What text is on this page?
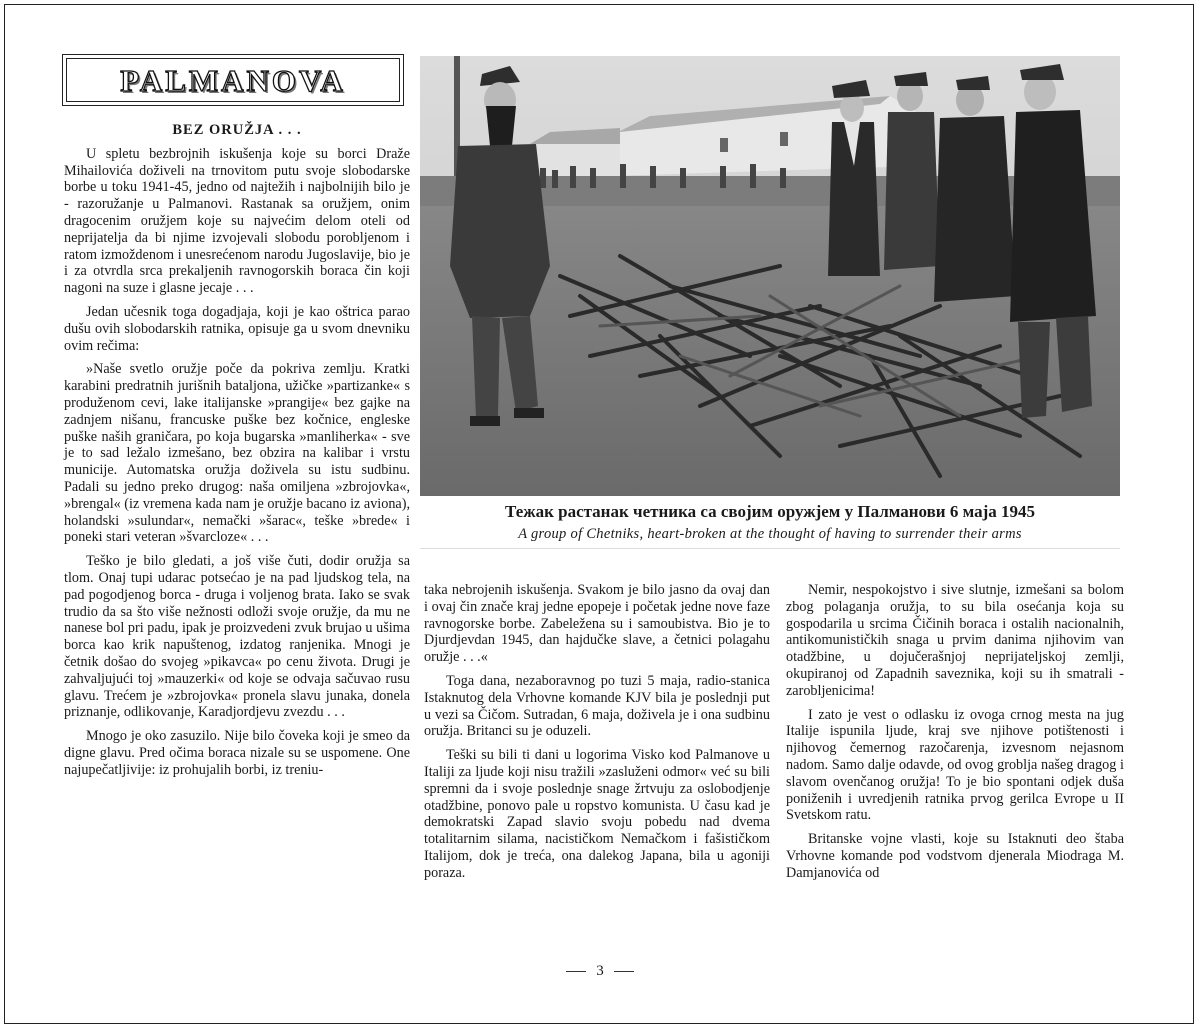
PALMANOVA

BEZ ORUŽJA . . .

U spletu bezbrojnih iskušenja koje su borci Draže Mihailovića doživeli na trnovitom putu svoje slobodarske borbe u toku 1941-45, jedno od najtežih i najbolnijih bilo je - razoružanje u Palmanovi. Rastanak sa oružjem, onim dragocenim oružjem koje su najvećim delom oteli od neprijatelja da bi njime izvojevali slobodu porobljenom i ratom izmoždenom i unesrećenom narodu Jugoslavije, bio je i za otvrdla srca prekaljenih ravnogorskih boraca čin koji nagoni na suze i glasne jecaje . . .

Jedan učesnik toga dogadjaja, koji je kao oštrica parao dušu ovih slobodarskih ratnika, opisuje ga u svom dnevniku ovim rečima:

»Naše svetlo oružje poče da pokriva zemlju. Kratki karabini predratnih jurišnih bataljona, užičke »partizanke« s produženom cevi, lake italijanske »prangije« bez gajke na zadnjem nišanu, francuske puške bez kočnice, engleske puške naših graničara, po koja bugarska »manliherka« - sve je to sad ležalo izmešano, bez obzira na kalibar i vrstu municije. Automatska oružja doživela su istu sudbinu. Padali su jedno preko drugog: naša omiljena »zbrojovka«, »brengal« (iz vremena kada nam je oružje bacano iz aviona), holandski »sulundar«, nemački »šarac«, teške »brede« i poneki stari veteran »švarcloze« . . .

Teško je bilo gledati, a još više čuti, dodir oružja sa tlom. Onaj tupi udarac potsećao je na pad ljudskog tela, na pad pogodjenog borca - druga i voljenog brata. Iako se svak trudio da sa što više nežnosti odloži svoje oružje, da mu ne nanese bol pri padu, ipak je proizvedeni zvuk brujao u ušima borca kao krik napuštenog, izdatog ranjenika. Mnogi je četnik došao do svojeg »pikavca« po cenu života. Drugi je zahvaljujući toj »mauzerki« od koje se odvaja sačuvao rusu glavu. Trećem je »zbrojovka« pronela slavu junaka, donela priznanje, odlikovanje, Karadjordjevu zvezdu . . .

Mnogo je oko zasuzilo. Nije bilo čoveka koji je smeo da digne glavu. Pred očima boraca nizale su se uspomene. One najupečatljivije: iz prohujalih borbi, iz treniu-

Тежак растанак четника са својим оружјем у Палманови 6 маја 1945
A group of Chetniks, heart-broken at the thought of having to surrender their arms

taka nebrojenih iskušenja. Svakom je bilo jasno da ovaj dan i ovaj čin znače kraj jedne epopeje i početak jedne nove faze ravnogorske borbe. Zabeležena su i samoubistva. Bio je to Djurdjevdan 1945, dan hajdučke slave, a četnici polagahu oružje . . .«

Toga dana, nezaboravnog po tuzi 5 maja, radio-stanica Istaknutog dela Vrhovne komande KJV bila je poslednji put u vezi sa Čičom. Sutradan, 6 maja, doživela je i ona sudbinu oružja. Britanci su je oduzeli.

Teški su bili ti dani u logorima Visko kod Palmanove u Italiji za ljude koji nisu tražili »zasluženi odmor« već su bili spremni da i svoje poslednje snage žrtvuju za oslobodjenje otadžbine, ponovo pale u ropstvo komunista. U času kad je demokratski Zapad slavio svoju pobedu nad dvema totalitarnim silama, nacističkom Nemačkom i fašističkom Italijom, dok je treća, ona dalekog Japana, bila u agoniji poraza.

Nemir, nespokojstvo i sive slutnje, izmešani sa bolom zbog polaganja oružja, to su bila osećanja koja su gospodarila u srcima Čičinih boraca i ostalih nacionalnih, antikomunističkih snaga u prvim danima njihovim van otadžbine, u dojučerašnjoj neprijateljskoj zemlji, okupiranoj od Zapadnih saveznika, koji su ih smatrali - zarobljenicima!

I zato je vest o odlasku iz ovoga crnog mesta na jug Italije ispunila ljude, kraj sve njihove potištenosti i njihovog čemernog razočarenja, izvesnom nejasnom nadom. Samo dalje odavde, od ovog groblja našeg dragog i slavom ovenčanog oružja! To je bio spontani odjek duša poniženih i uvredjenih ratnika prvog gerilca Evrope u II Svetskom ratu.

Britanske vojne vlasti, koje su Istaknuti deo štaba Vrhovne komande pod vodstvom djenerala Miodraga M. Damjanovića od

3
